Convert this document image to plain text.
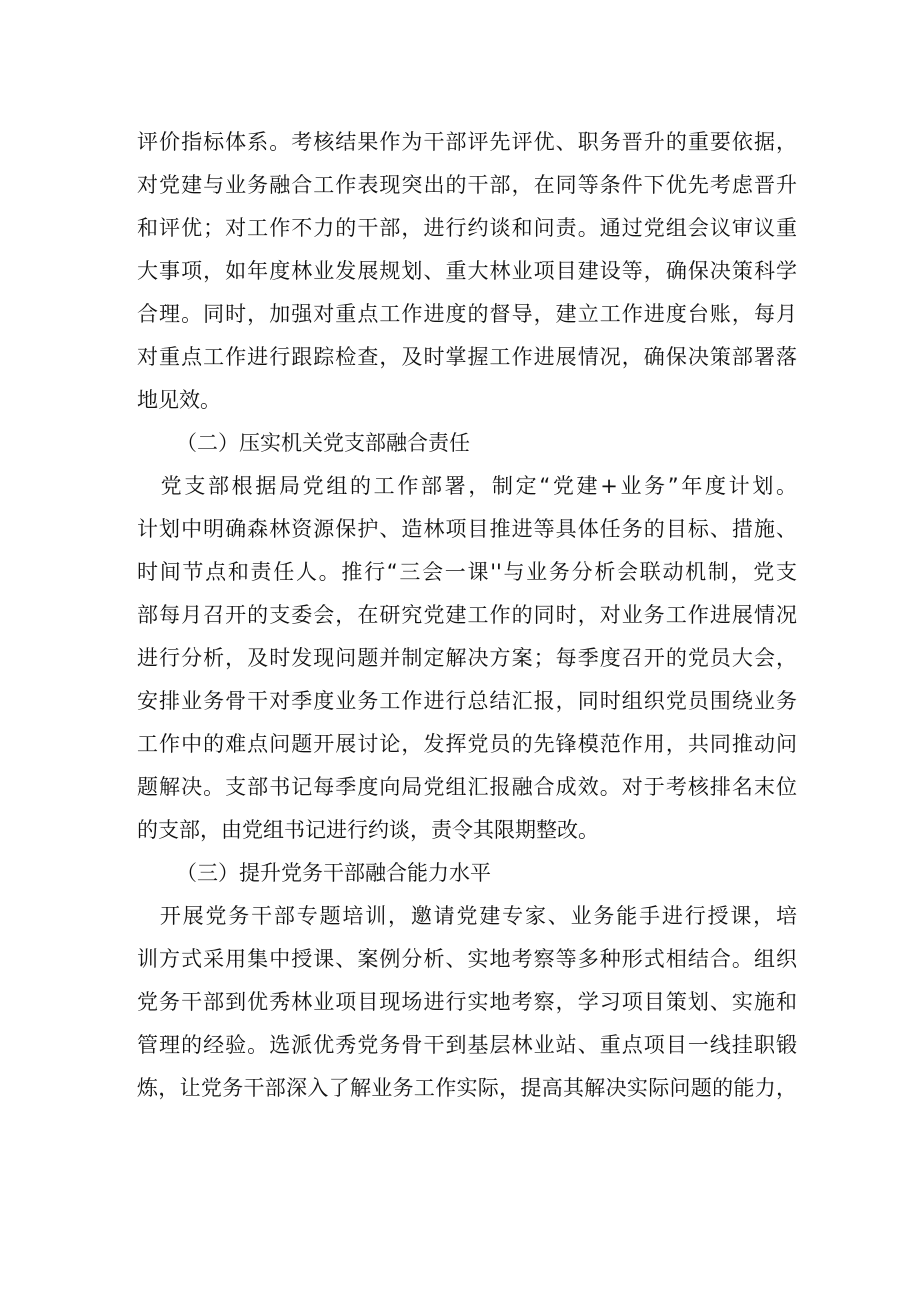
评价指标体系。考核结果作为干部评先评优、职务晋升的重要依据，
对党建与业务融合工作表现突出的干部，在同等条件下优先考虑晋升
和评优；对工作不力的干部，进行约谈和问责。通过党组会议审议重
大事项，如年度林业发展规划、重大林业项目建设等，确保决策科学
合理。同时，加强对重点工作进度的督导，建立工作进度台账，每月
对重点工作进行跟踪检查，及时掌握工作进展情况，确保决策部署落
地见效。
（二）压实机关党支部融合责任
　党支部根据局党组的工作部署，制定“党建+业务”年度计划。
计划中明确森林资源保护、造林项目推进等具体任务的目标、措施、
时间节点和责任人。推行“三会一课''与业务分析会联动机制，党支
部每月召开的支委会，在研究党建工作的同时，对业务工作进展情况
进行分析，及时发现问题并制定解决方案；每季度召开的党员大会，
安排业务骨干对季度业务工作进行总结汇报，同时组织党员围绕业务
工作中的难点问题开展讨论，发挥党员的先锋模范作用，共同推动问
题解决。支部书记每季度向局党组汇报融合成效。对于考核排名末位
的支部，由党组书记进行约谈，责令其限期整改。
（三）提升党务干部融合能力水平
　开展党务干部专题培训，邀请党建专家、业务能手进行授课，培
训方式采用集中授课、案例分析、实地考察等多种形式相结合。组织
党务干部到优秀林业项目现场进行实地考察，学习项目策划、实施和
管理的经验。选派优秀党务骨干到基层林业站、重点项目一线挂职锻
炼，让党务干部深入了解业务工作实际，提高其解决实际问题的能力，
